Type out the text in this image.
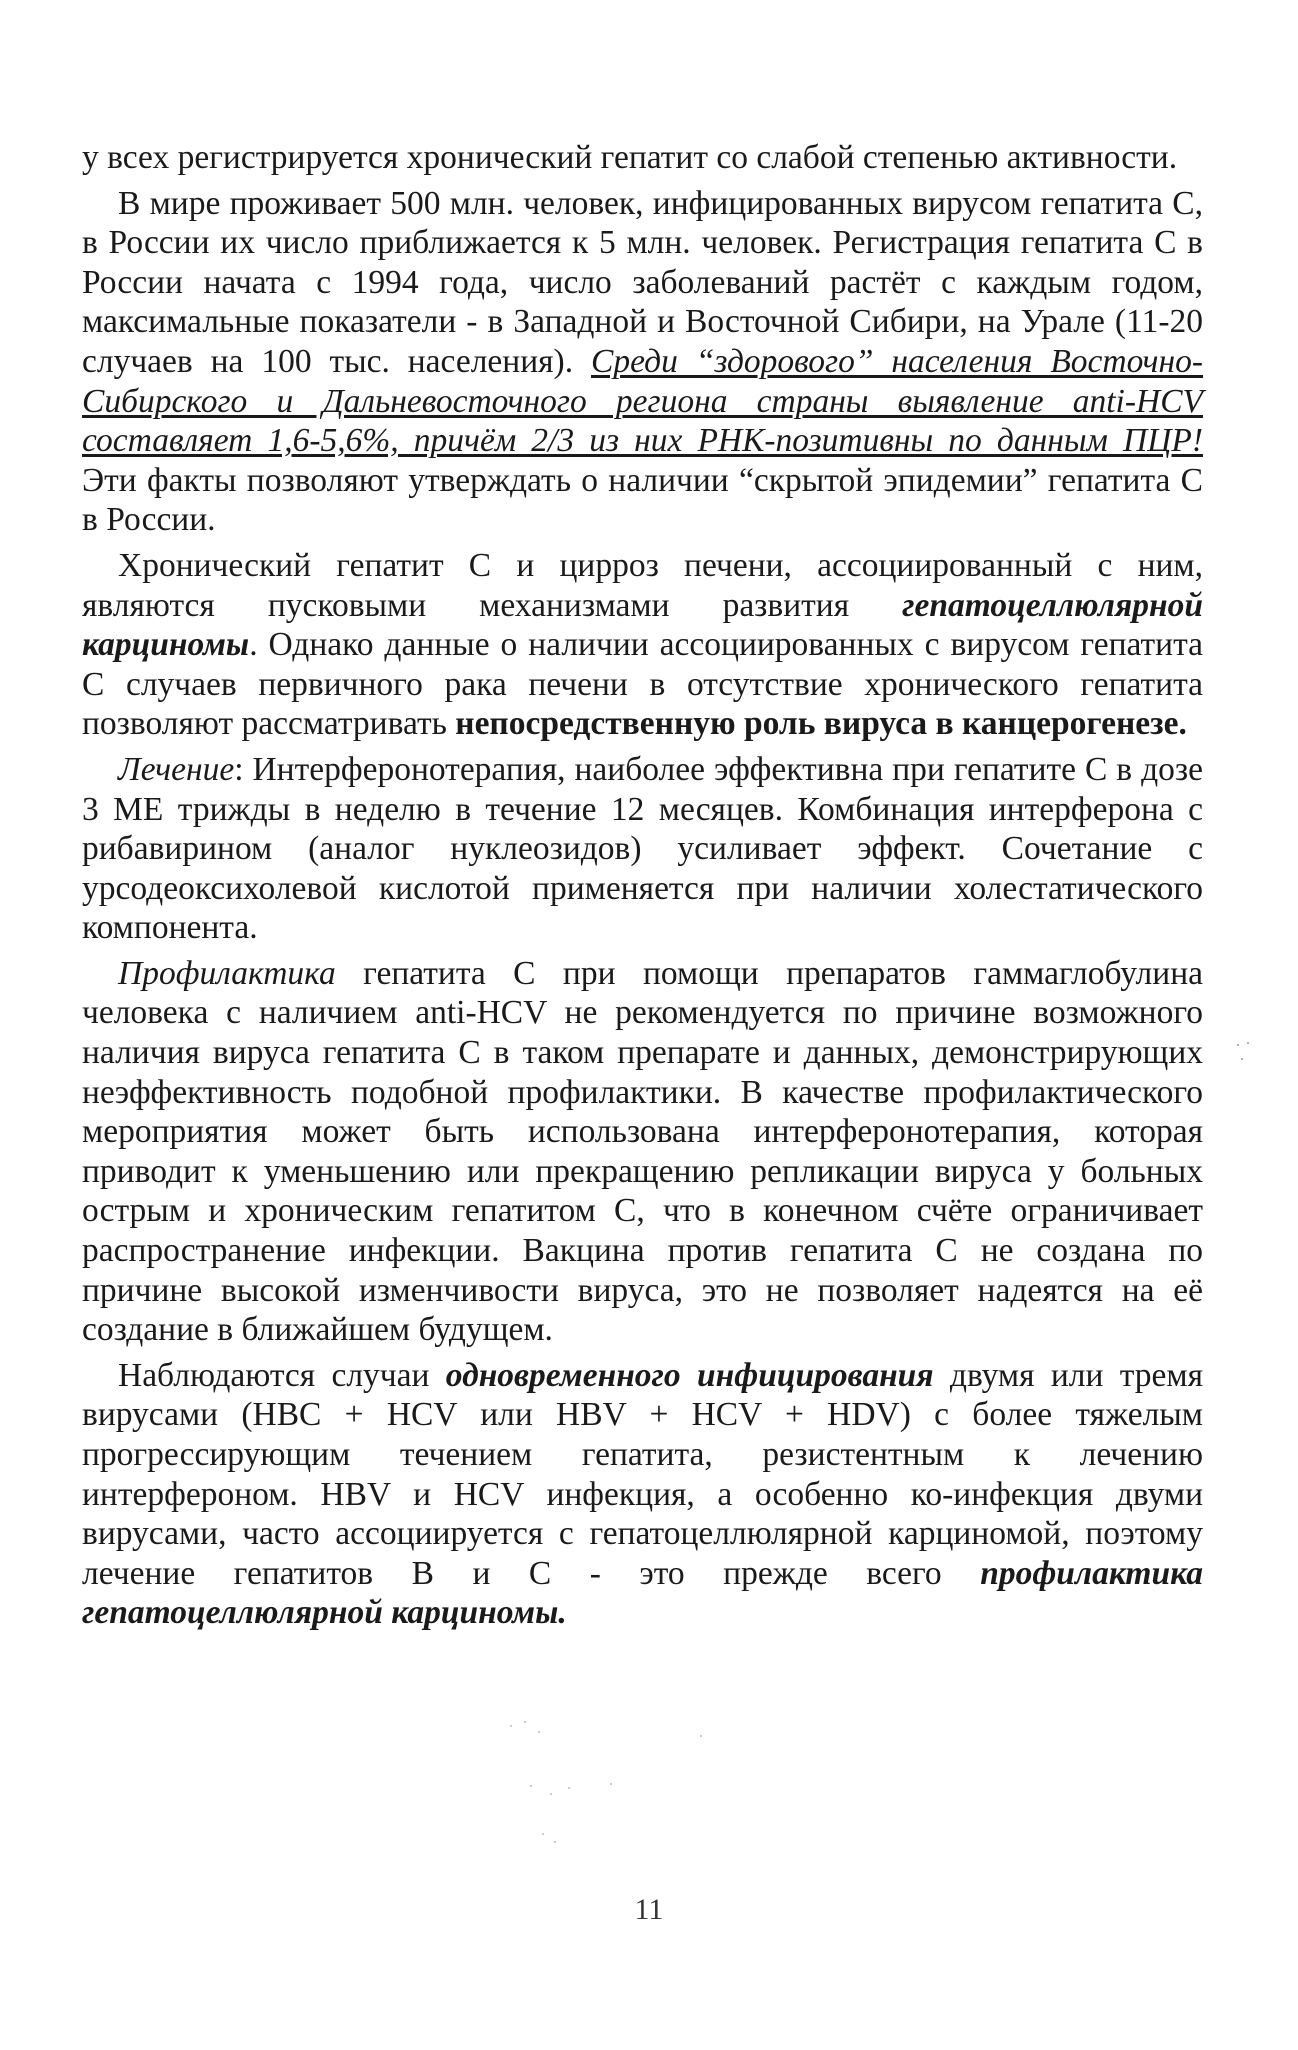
у всех регистрируется хронический гепатит со слабой степенью активности.

В мире проживает 500 млн. человек, инфицированных вирусом гепатита С, в России их число приближается к 5 млн. человек. Регистрация гепатита С в России начата с 1994 года, число заболеваний растёт с каждым годом, максимальные показатели - в Западной и Восточной Сибири, на Урале (11-20 случаев на 100 тыс. населения). Среди “здорового” населения Восточно-Сибирского и Дальневосточного региона страны выявление anti-HCV составляет 1,6-5,6%, причём 2/3 из них РНК-позитивны по данным ПЦР! Эти факты позволяют утверждать о наличии “скрытой эпидемии” гепатита С в России.

Хронический гепатит С и цирроз печени, ассоциированный с ним, являются пусковыми механизмами развития гепатоцеллюлярной карциномы. Однако данные о наличии ассоциированных с вирусом гепатита С случаев первичного рака печени в отсутствие хронического гепатита позволяют рассматривать непосредственную роль вируса в канцерогенезе.

Лечение: Интерферонотерапия, наиболее эффективна при гепатите С в дозе 3 МЕ трижды в неделю в течение 12 месяцев. Комбинация интерферона с рибавирином (аналог нуклеозидов) усиливает эффект. Сочетание с урсодеоксихолевой кислотой применяется при наличии холестатического компонента.

Профилактика гепатита С при помощи препаратов гаммаглобулина человека с наличием anti-HCV не рекомендуется по причине возможного наличия вируса гепатита С в таком препарате и данных, демонстрирующих неэффективность подобной профилактики. В качестве профилактического мероприятия может быть использована интерферонотерапия, которая приводит к уменьшению или прекращению репликации вируса у больных острым и хроническим гепатитом С, что в конечном счёте ограничивает распространение инфекции. Вакцина против гепатита С не создана по причине высокой изменчивости вируса, это не позволяет надеятся на её создание в ближайшем будущем.

Наблюдаются случаи одновременного инфицирования двумя или тремя вирусами (HBC + HCV или HBV + HCV + HDV) с более тяжелым прогрессирующим течением гепатита, резистентным к лечению интерфероном. HBV и HCV инфекция, а особенно ко-инфекция двуми вирусами, часто ассоциируется с гепатоцеллюлярной карциномой, поэтому лечение гепатитов В и С - это прежде всего профилактика гепатоцеллюлярной карциномы.

11
